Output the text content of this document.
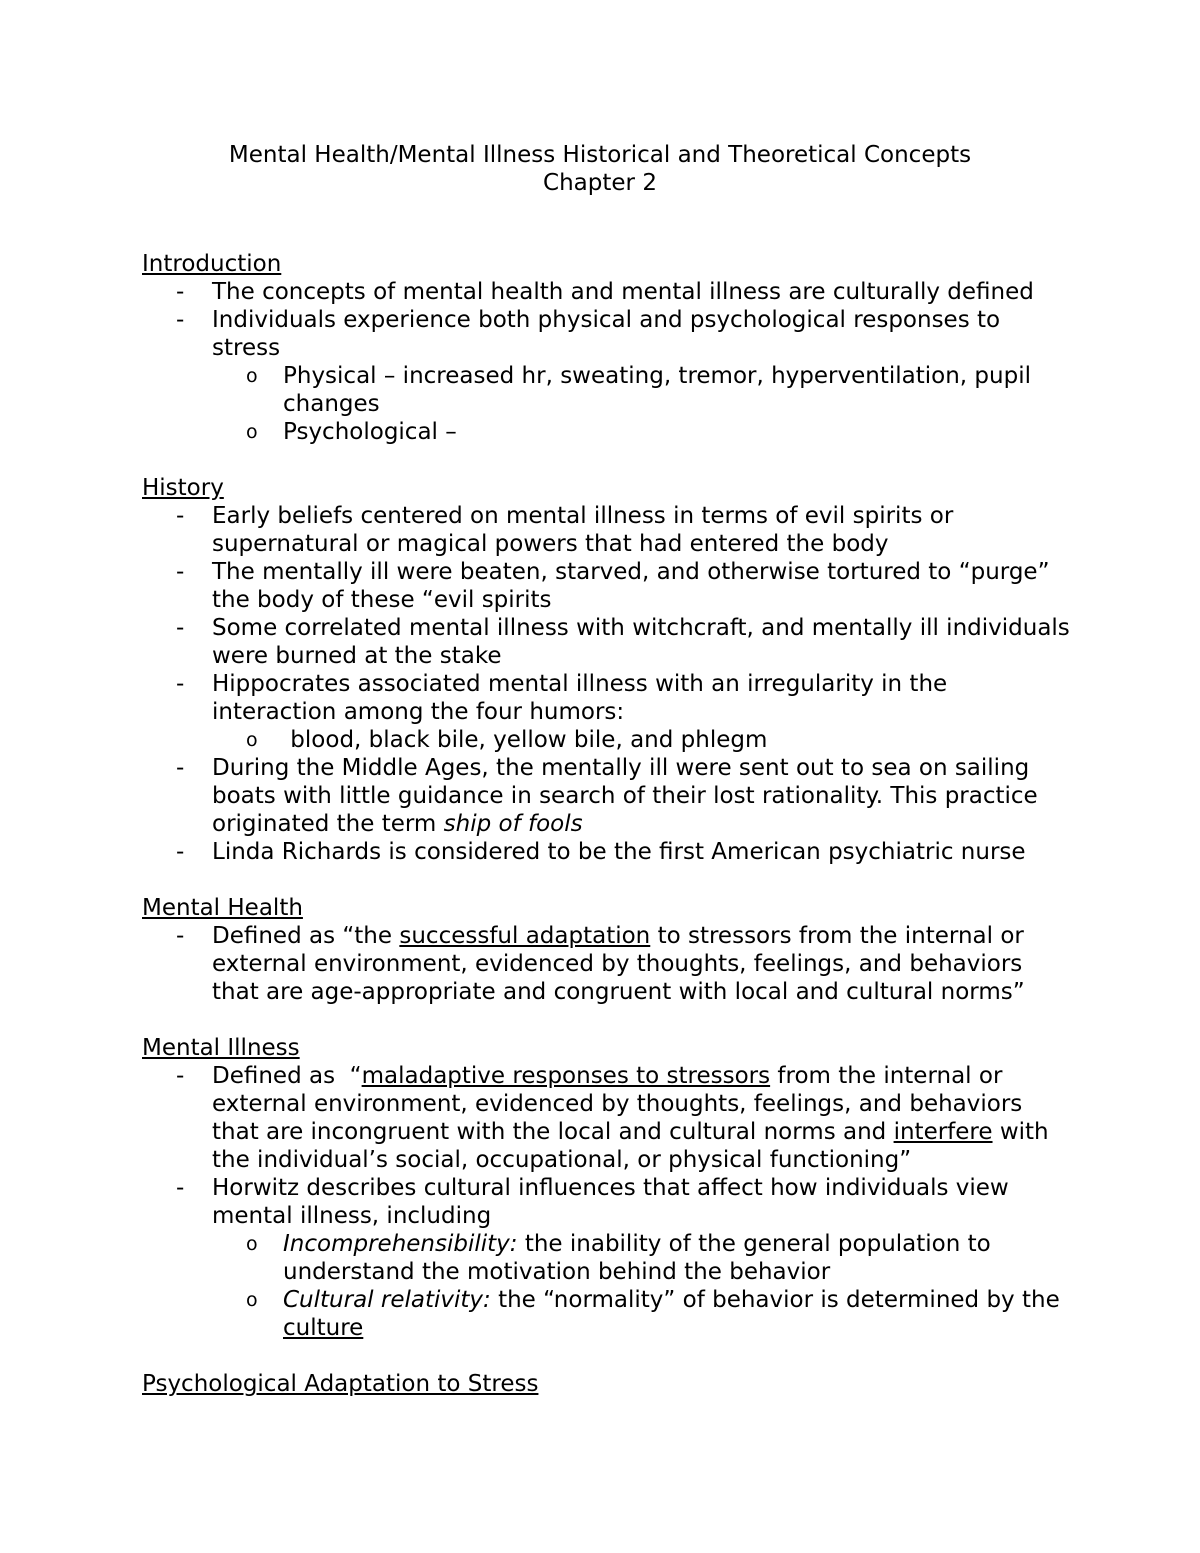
Mental Health/Mental Illness Historical and Theoretical Concepts
Chapter 2
Introduction
- The concepts of mental health and mental illness are culturally defined
- Individuals experience both physical and psychological responses to stress
o Physical – increased hr, sweating, tremor, hyperventilation, pupil changes
o Psychological –
History
- Early beliefs centered on mental illness in terms of evil spirits or supernatural or magical powers that had entered the body
- The mentally ill were beaten, starved, and otherwise tortured to “purge” the body of these “evil spirits
- Some correlated mental illness with witchcraft, and mentally ill individuals were burned at the stake
- Hippocrates associated mental illness with an irregularity in the interaction among the four humors:
o blood, black bile, yellow bile, and phlegm
- During the Middle Ages, the mentally ill were sent out to sea on sailing boats with little guidance in search of their lost rationality. This practice originated the term ship of fools
- Linda Richards is considered to be the first American psychiatric nurse
Mental Health
- Defined as “the successful adaptation to stressors from the internal or external environment, evidenced by thoughts, feelings, and behaviors that are age-appropriate and congruent with local and cultural norms”
Mental Illness
- Defined as  “maladaptive responses to stressors from the internal or external environment, evidenced by thoughts, feelings, and behaviors that are incongruent with the local and cultural norms and interfere with the individual’s social, occupational, or physical functioning”
- Horwitz describes cultural influences that affect how individuals view mental illness, including
o Incomprehensibility: the inability of the general population to understand the motivation behind the behavior
o Cultural relativity: the “normality” of behavior is determined by the culture
Psychological Adaptation to Stress
